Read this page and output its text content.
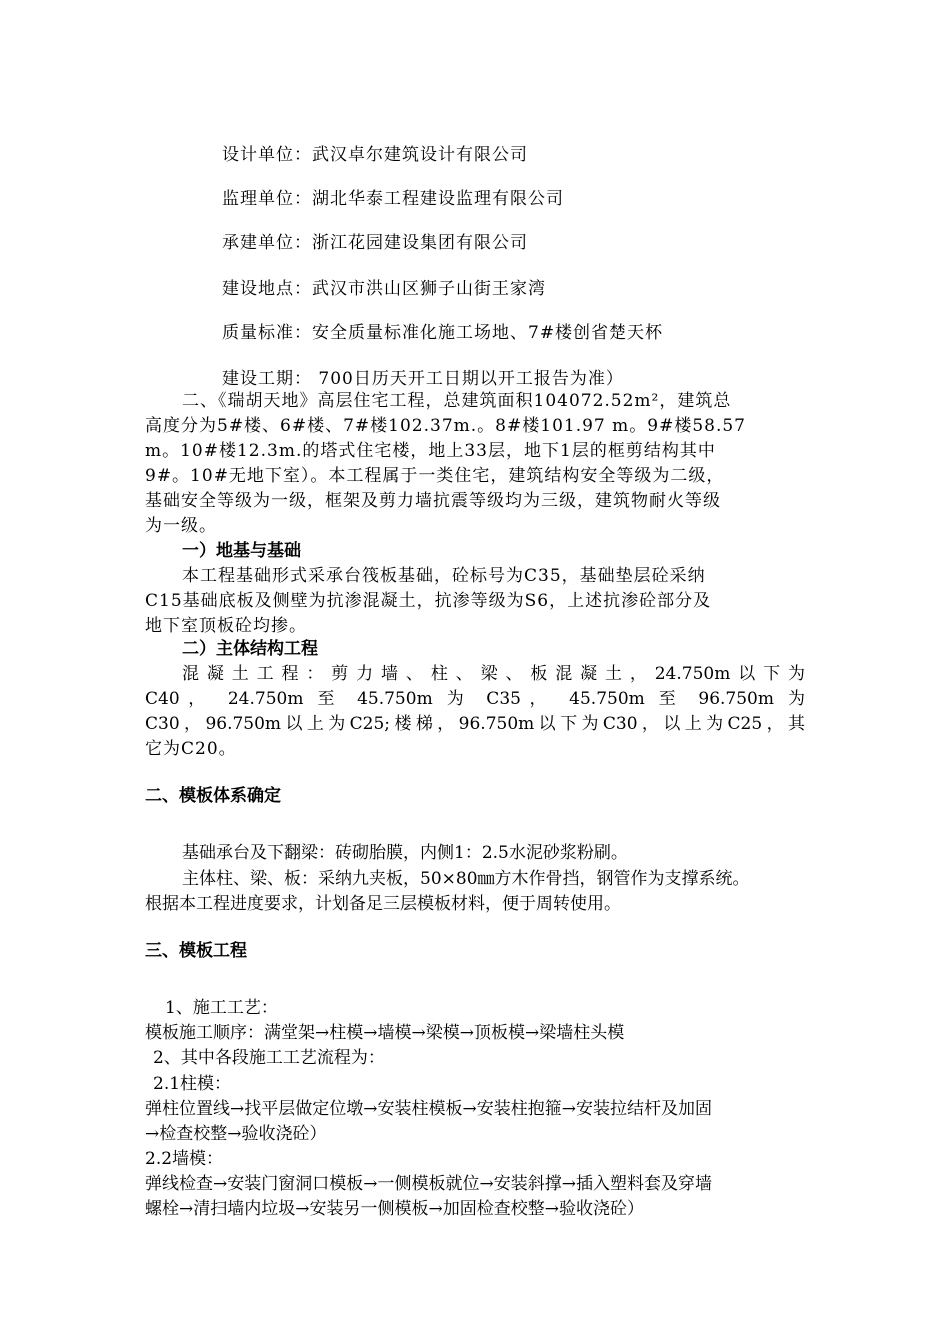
设计单位：武汉卓尔建筑设计有限公司
监理单位：湖北华泰工程建设监理有限公司
承建单位：浙江花园建设集团有限公司
建设地点：武汉市洪山区狮子山街王家湾
质量标准：安全质量标准化施工场地、7#楼创省楚天杯
建设工期： 700日历天开工日期以开工报告为准）
二、《瑞胡天地》高层住宅工程，总建筑面积104072.52m²，建筑总
高度分为5#楼、6#楼、7#楼102.37m.。8#楼101.97 m。9#楼58.57
m。10#楼12.3m.的塔式住宅楼，地上33层，地下1层的框剪结构其中
9#。10#无地下室）。本工程属于一类住宅，建筑结构安全等级为二级，
基础安全等级为一级，框架及剪力墙抗震等级均为三级，建筑物耐火等级
为一级。
一）地基与基础
本工程基础形式采承台筏板基础，砼标号为C35，基础垫层砼采纳
C15基础底板及侧壁为抗渗混凝土，抗渗等级为S6，上述抗渗砼部分及
地下室顶板砼均掺。
二）主体结构工程
混凝土工程：剪力墙、柱、梁、板混凝土，24.750m以下为
C40， 24.750m 至 45.750m 为 C35， 45.750m 至 96.750m 为
C30，96.750m以上为C25;楼梯，96.750m以下为C30，以上为C25，其
它为C20。
二、模板体系确定
基础承台及下翻梁：砖砌胎膜，内侧1：2.5水泥砂浆粉刷。
主体柱、梁、板：采纳九夹板，50×80㎜方木作骨挡，钢管作为支撑系统。
根据本工程进度要求，计划备足三层模板材料，便于周转使用。
三、模板工程
1、施工工艺：
模板施工顺序：满堂架→柱模→墙模→梁模→顶板模→梁墙柱头模
2、其中各段施工工艺流程为：
2.1柱模：
弹柱位置线→找平层做定位墩→安装柱模板→安装柱抱箍→安装拉结杆及加固
→检查校整→验收浇砼）
2.2墙模：
弹线检查→安装门窗洞口模板→一侧模板就位→安装斜撑→插入塑料套及穿墙
螺栓→清扫墙内垃圾→安装另一侧模板→加固检查校整→验收浇砼）
